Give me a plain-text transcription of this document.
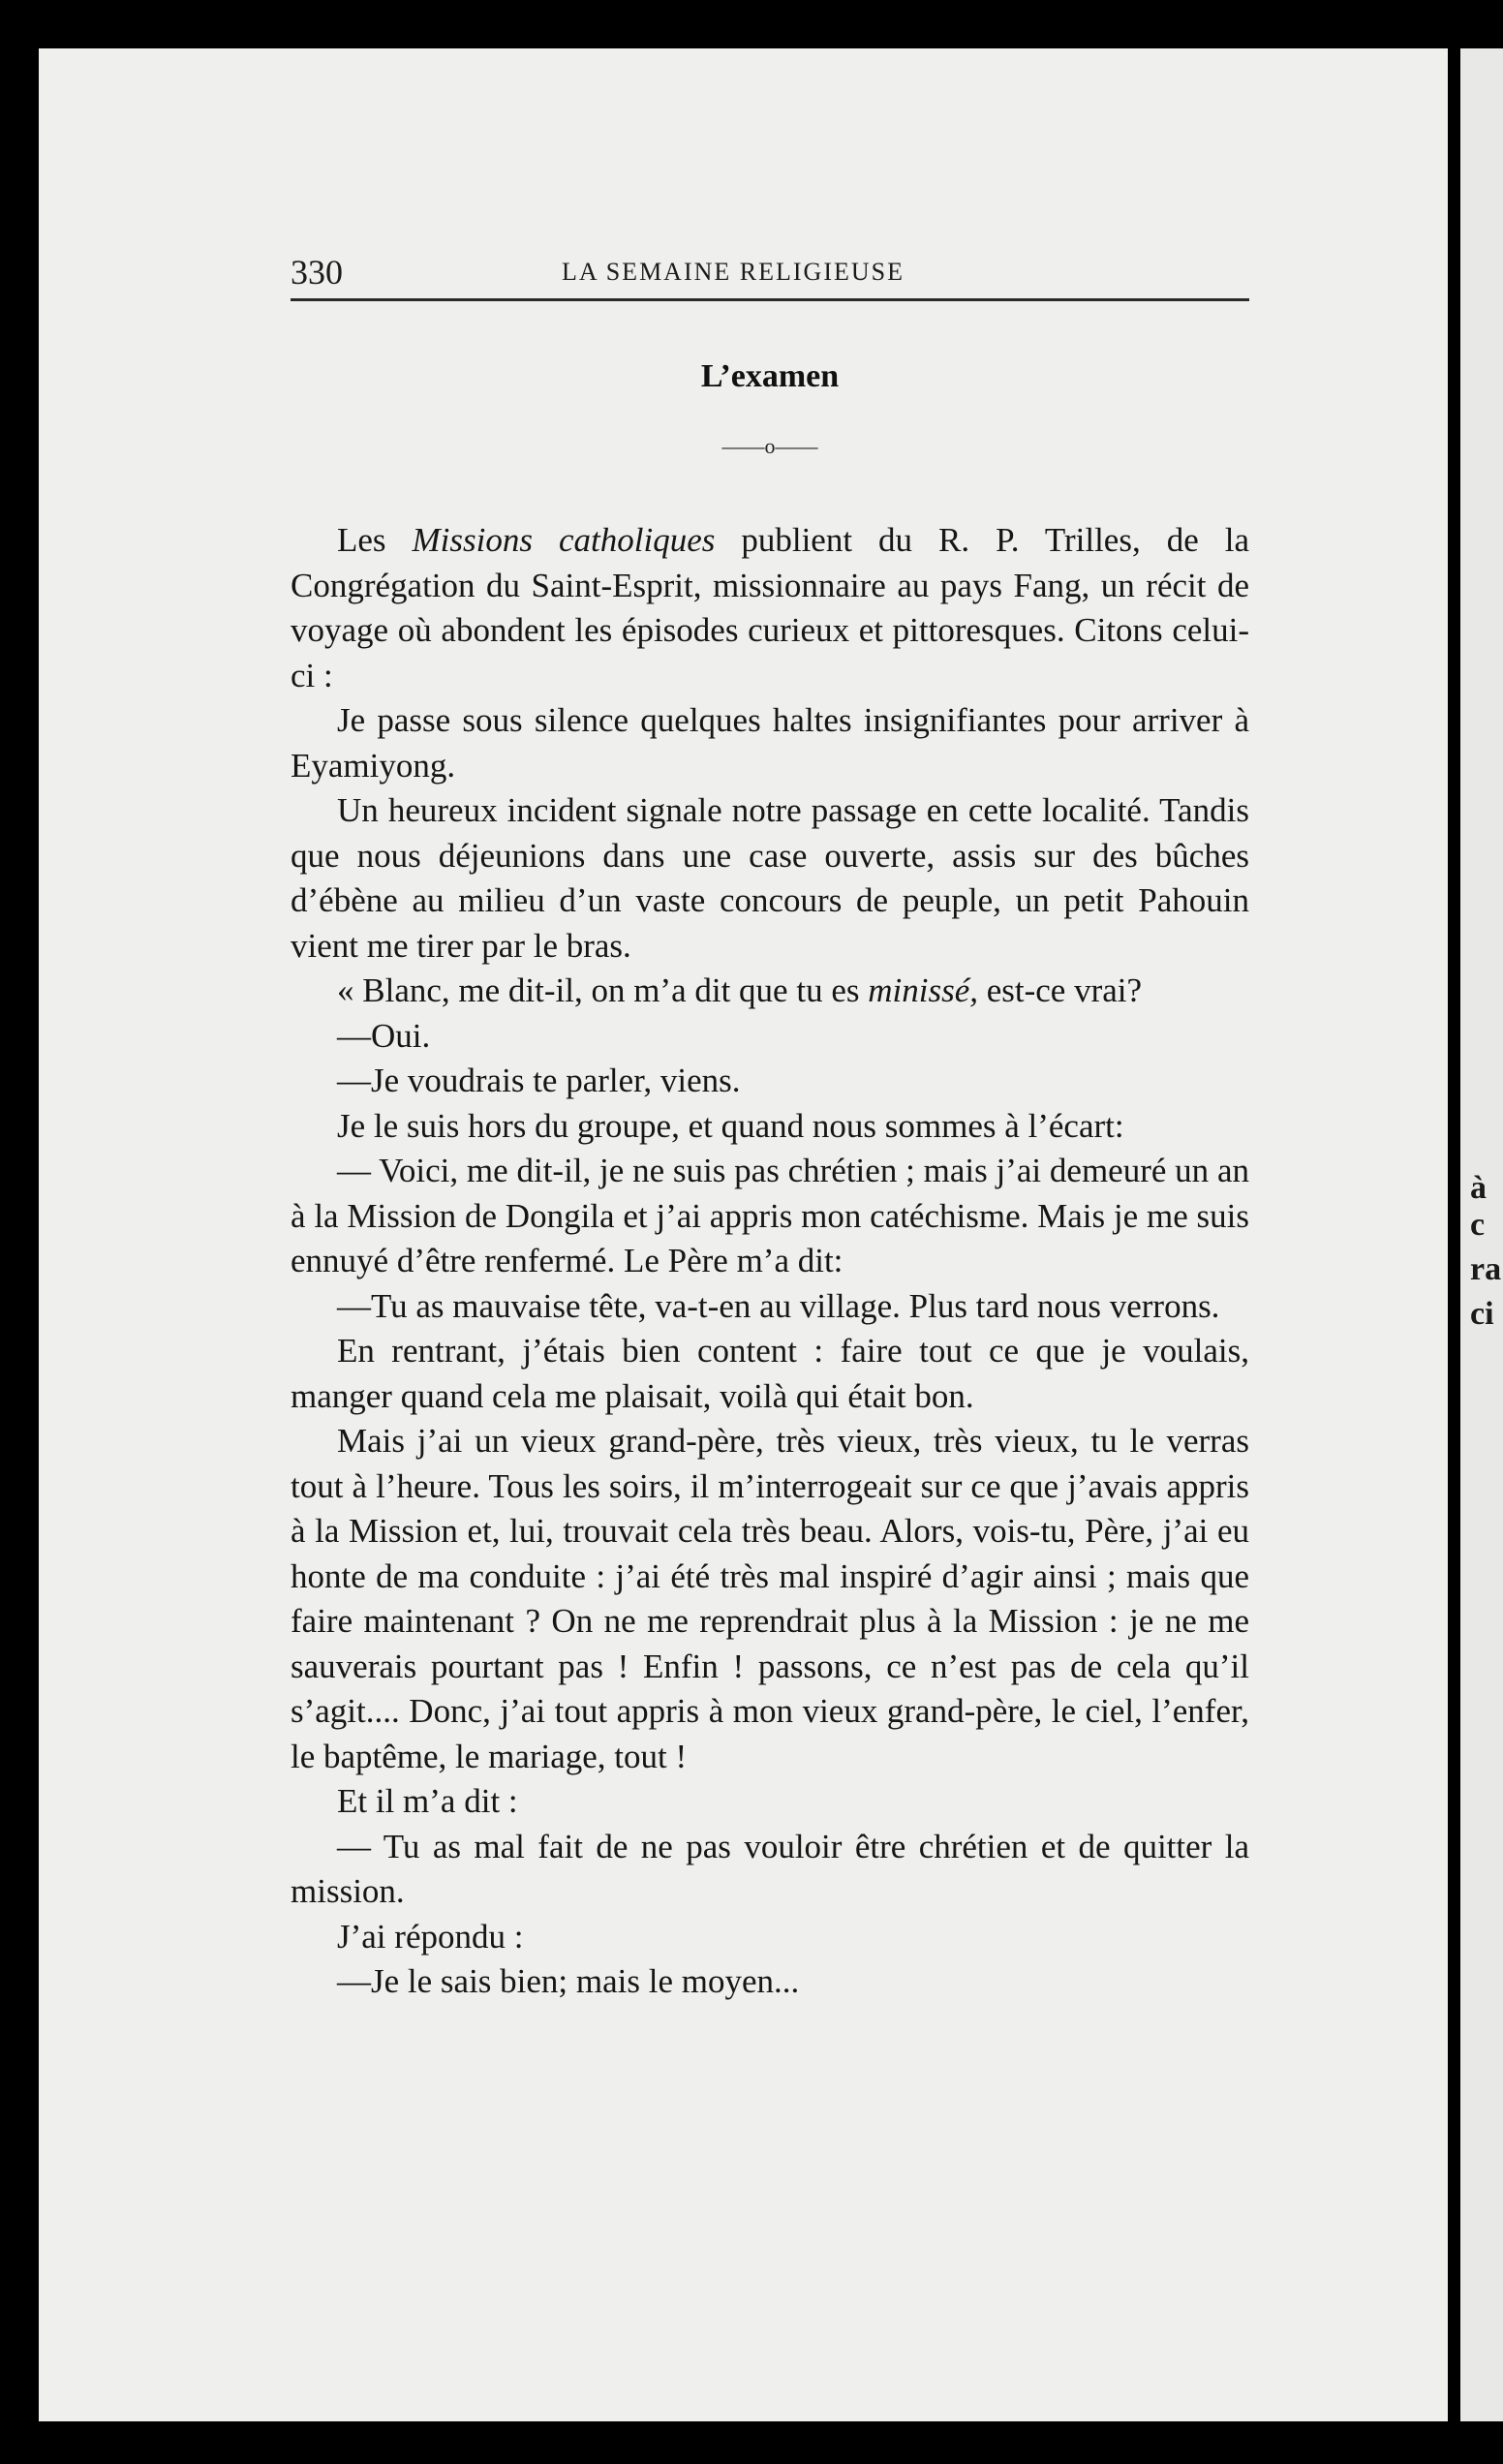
à
c
ra
ci
330	LA SEMAINE RELIGIEUSE
L’examen
——o——

Les Missions catholiques publient du R. P. Trilles, de la Congrégation du Saint-Esprit, missionnaire au pays Fang, un récit de voyage où abondent les épisodes curieux et pittoresques. Citons celui-ci :

Je passe sous silence quelques haltes insignifiantes pour arriver à Eyamiyong.

Un heureux incident signale notre passage en cette localité. Tandis que nous déjeunions dans une case ouverte, assis sur des bûches d’ébène au milieu d’un vaste concours de peuple, un petit Pahouin vient me tirer par le bras.

« Blanc, me dit-il, on m’a dit que tu es minissé, est-ce vrai?

—Oui.

—Je voudrais te parler, viens.

Je le suis hors du groupe, et quand nous sommes à l’écart:

— Voici, me dit-il, je ne suis pas chrétien ; mais j’ai demeuré un an à la Mission de Dongila et j’ai appris mon catéchisme. Mais je me suis ennuyé d’être renfermé. Le Père m’a dit:

—Tu as mauvaise tête, va-t-en au village. Plus tard nous verrons.

En rentrant, j’étais bien content : faire tout ce que je voulais, manger quand cela me plaisait, voilà qui était bon.

Mais j’ai un vieux grand-père, très vieux, très vieux, tu le verras tout à l’heure. Tous les soirs, il m’interrogeait sur ce que j’avais appris à la Mission et, lui, trouvait cela très beau. Alors, vois-tu, Père, j’ai eu honte de ma conduite : j’ai été très mal inspiré d’agir ainsi ; mais que faire maintenant ? On ne me reprendrait plus à la Mission : je ne me sauverais pourtant pas ! Enfin ! passons, ce n’est pas de cela qu’il s’agit.... Donc, j’ai tout appris à mon vieux grand-père, le ciel, l’enfer, le baptême, le mariage, tout !

Et il m’a dit :

— Tu as mal fait de ne pas vouloir être chrétien et de quitter la mission.

J’ai répondu :

—Je le sais bien; mais le moyen...
